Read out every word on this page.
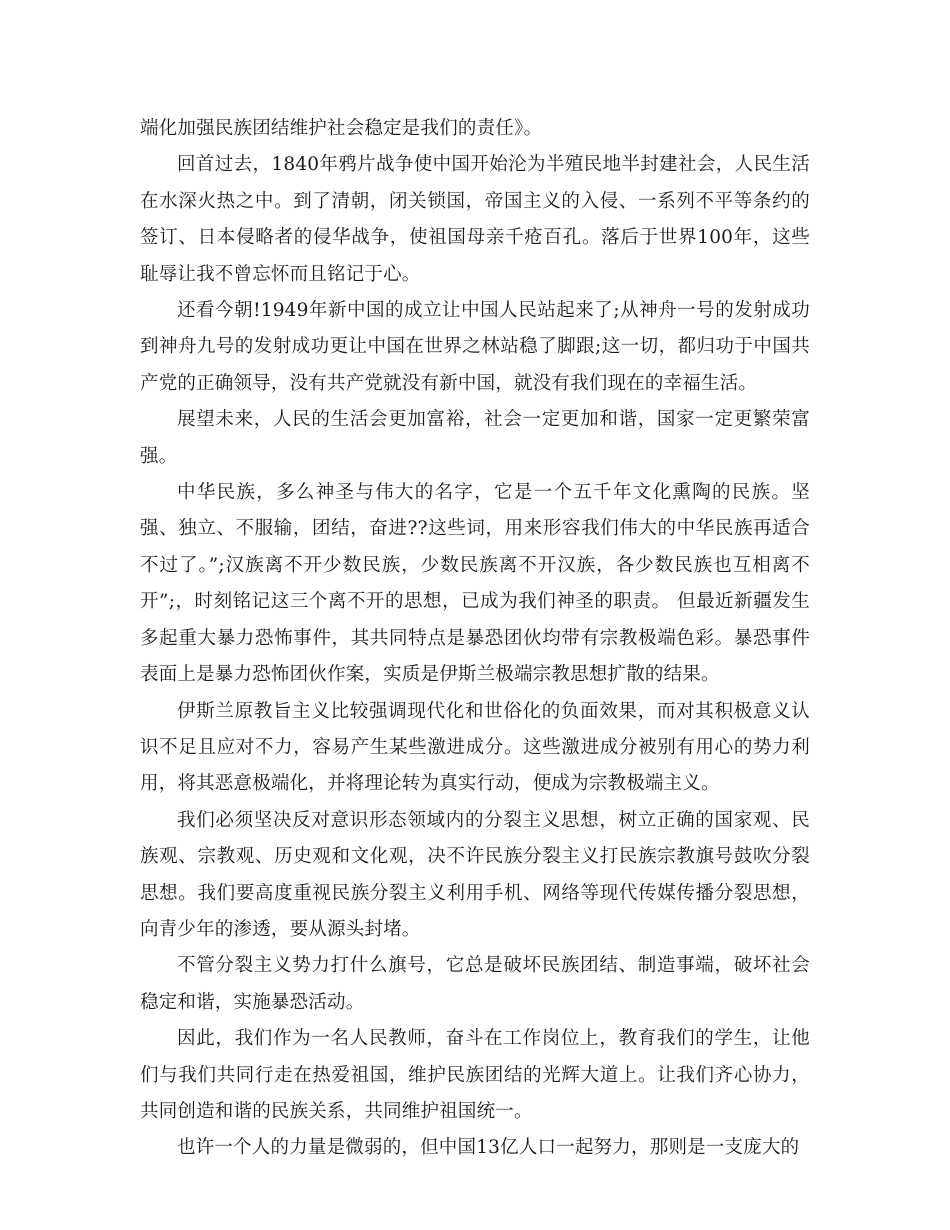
端化加强民族团结维护社会稳定是我们的责任》。

回首过去，1840年鸦片战争使中国开始沦为半殖民地半封建社会，人民生活在水深火热之中。到了清朝，闭关锁国，帝国主义的入侵、一系列不平等条约的签订、日本侵略者的侵华战争，使祖国母亲千疮百孔。落后于世界100年，这些耻辱让我不曾忘怀而且铭记于心。

还看今朝!1949年新中国的成立让中国人民站起来了;从神舟一号的发射成功到神舟九号的发射成功更让中国在世界之林站稳了脚跟;这一切，都归功于中国共产党的正确领导，没有共产党就没有新中国，就没有我们现在的幸福生活。

展望未来，人民的生活会更加富裕，社会一定更加和谐，国家一定更繁荣富强。

中华民族，多么神圣与伟大的名字，它是一个五千年文化熏陶的民族。坚强、独立、不服输，团结，奋进??这些词，用来形容我们伟大的中华民族再适合不过了。”;汉族离不开少数民族，少数民族离不开汉族，各少数民族也互相离不开”;，时刻铭记这三个离不开的思想，已成为我们神圣的职责。 但最近新疆发生多起重大暴力恐怖事件，其共同特点是暴恐团伙均带有宗教极端色彩。暴恐事件表面上是暴力恐怖团伙作案，实质是伊斯兰极端宗教思想扩散的结果。

伊斯兰原教旨主义比较强调现代化和世俗化的负面效果，而对其积极意义认识不足且应对不力，容易产生某些激进成分。这些激进成分被别有用心的势力利用，将其恶意极端化，并将理论转为真实行动，便成为宗教极端主义。

我们必须坚决反对意识形态领域内的分裂主义思想，树立正确的国家观、民族观、宗教观、历史观和文化观，决不许民族分裂主义打民族宗教旗号鼓吹分裂思想。我们要高度重视民族分裂主义利用手机、网络等现代传媒传播分裂思想，向青少年的渗透，要从源头封堵。

不管分裂主义势力打什么旗号，它总是破坏民族团结、制造事端，破坏社会稳定和谐，实施暴恐活动。

因此，我们作为一名人民教师，奋斗在工作岗位上，教育我们的学生，让他们与我们共同行走在热爱祖国，维护民族团结的光辉大道上。让我们齐心协力，共同创造和谐的民族关系，共同维护祖国统一。

也许一个人的力量是微弱的，但中国13亿人口一起努力，那则是一支庞大的
